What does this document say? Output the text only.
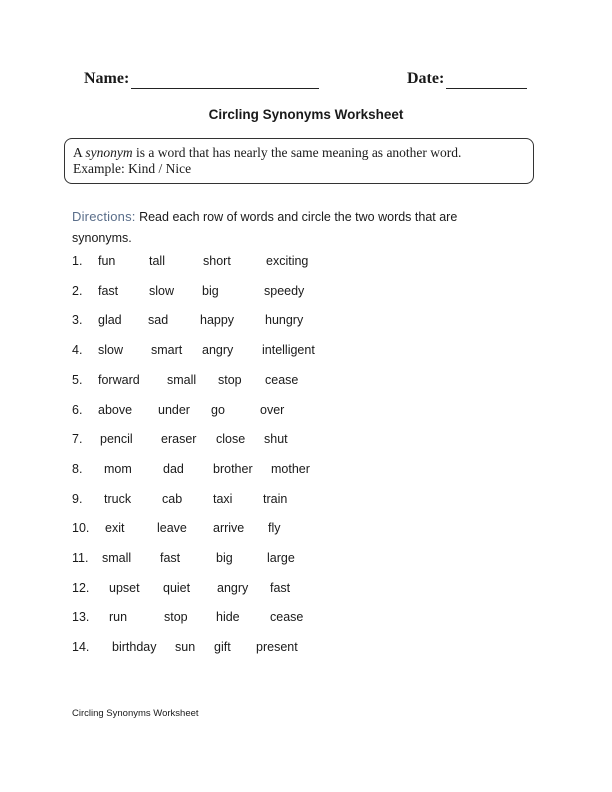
Name:	Date:
Circling Synonyms Worksheet
A synonym is a word that has nearly the same meaning as another word.
Example: Kind / Nice
Directions: Read each row of words and circle the two words that are synonyms.
1. fun	tall	short	exciting
2. fast slow big	speedy
3. glad sad	happy hungry
4. slow smart angry intelligent
5. forward small stop cease
6. above under go	over
7. pencil eraser close shut
8. mom dad brother mother
9. truck cab taxi train
10. exit	leave arrive fly
11. small fast	big	large
12. upset quiet angry fast
13. run	stop hide cease
14. birthday sun gift present
Circling Synonyms Worksheet
